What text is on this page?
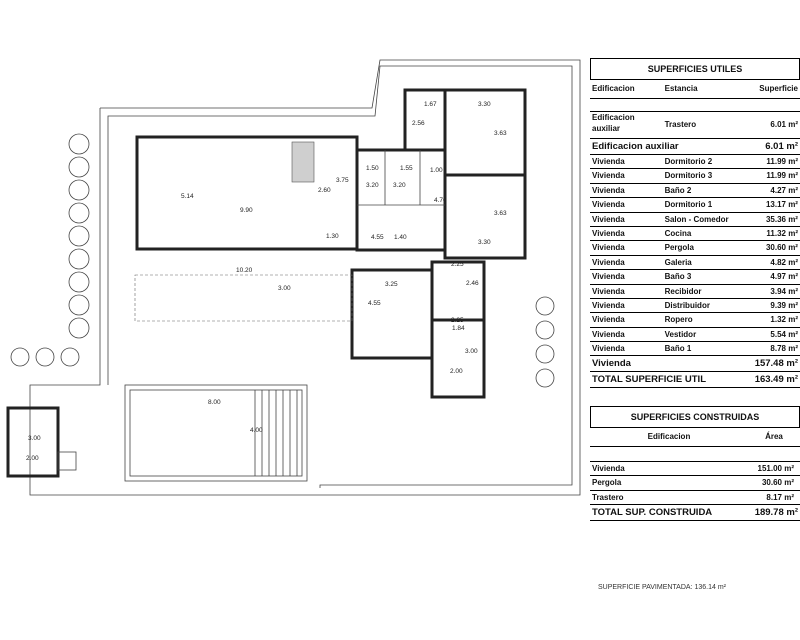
1.67	3.30
2.56
3.63
3.63
3.30
5.14
9.90
2.60
3.75
1.50	1.55	1.00
3.20 3.20
4.70
1.30	4.55 1.40
10.20
3.00
2.25
3.25
4.55
2.46
1.84
2.25
3.00
2.00
8.00
4.00
3.00
2.00
SUPERFICIES UTILES
Edificacion	Estancia	Superficie
Edificacion auxiliar	Trastero	6.01 m²
Edificacion auxiliar	6.01 m²
Vivienda	Dormitorio 2	11.99 m²
Vivienda	Dormitorio 3	11.99 m²
Vivienda	Baño 2	4.27 m²
Vivienda	Dormitorio 1	13.17 m²
Vivienda	Salon - Comedor	35.36 m²
Vivienda	Cocina	11.32 m²
Vivienda	Pergola	30.60 m²
Vivienda	Galeria	4.82 m²
Vivienda	Baño 3	4.97 m²
Vivienda	Recibidor	3.94 m²
Vivienda	Distribuidor	9.39 m²
Vivienda	Ropero	1.32 m²
Vivienda	Vestidor	5.54 m²
Vivienda	Baño 1	8.78 m²
Vivienda	157.48 m²
TOTAL SUPERFICIE UTIL	163.49 m²
SUPERFICIES CONSTRUIDAS
Edificacion	Área
Vivienda	151.00 m²
Pergola	30.60 m²
Trastero	8.17 m²
TOTAL SUP. CONSTRUIDA	189.78 m²
SUPERFICIE PAVIMENTADA: 136.14 m²
